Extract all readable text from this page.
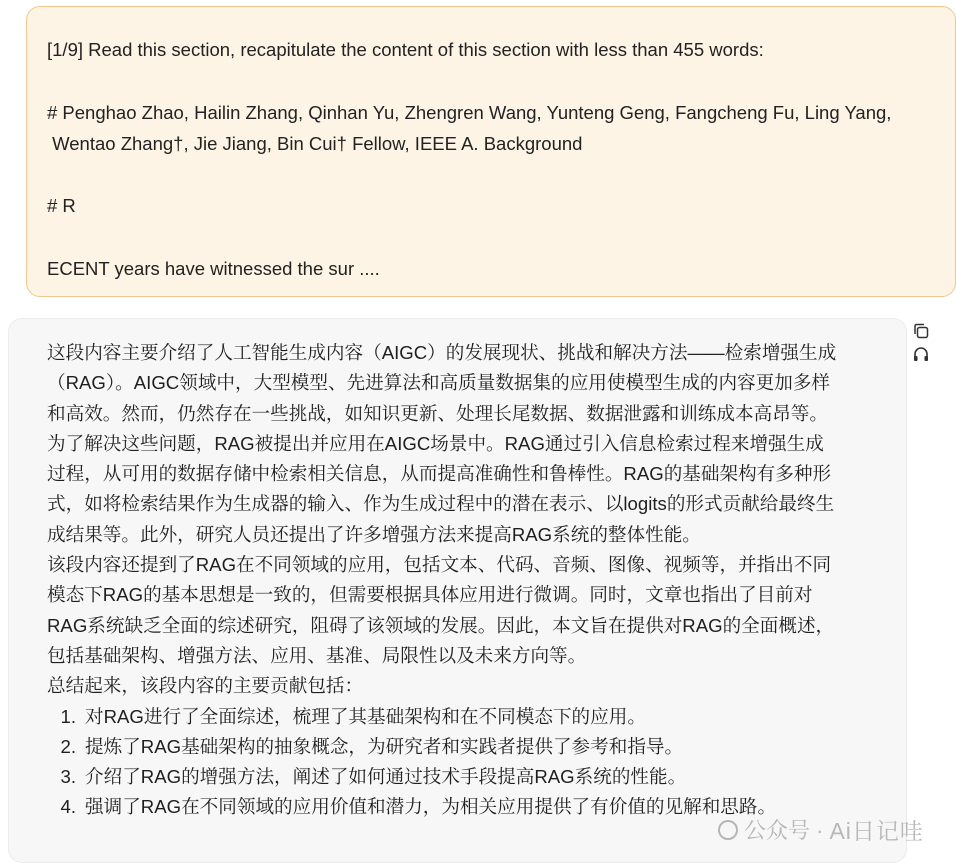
[1/9] Read this section, recapitulate the content of this section with less than 455 words:
# Penghao Zhao, Hailin Zhang, Qinhan Yu, Zhengren Wang, Yunteng Geng, Fangcheng Fu, Ling Yang,
Wentao Zhang†, Jie Jiang, Bin Cui† Fellow, IEEE A. Background
# R
ECENT years have witnessed the sur ....
这段内容主要介绍了人工智能生成内容（AIGC）的发展现状、挑战和解决方法——检索增强生成
（RAG）。AIGC领域中，大型模型、先进算法和高质量数据集的应用使模型生成的内容更加多样
和高效。然而，仍然存在一些挑战，如知识更新、处理长尾数据、数据泄露和训练成本高昂等。
为了解决这些问题，RAG被提出并应用在AIGC场景中。RAG通过引入信息检索过程来增强生成
过程，从可用的数据存储中检索相关信息，从而提高准确性和鲁棒性。RAG的基础架构有多种形
式，如将检索结果作为生成器的输入、作为生成过程中的潜在表示、以logits的形式贡献给最终生
成结果等。此外，研究人员还提出了许多增强方法来提高RAG系统的整体性能。
该段内容还提到了RAG在不同领域的应用，包括文本、代码、音频、图像、视频等，并指出不同
模态下RAG的基本思想是一致的，但需要根据具体应用进行微调。同时，文章也指出了目前对
RAG系统缺乏全面的综述研究，阻碍了该领域的发展。因此，本文旨在提供对RAG的全面概述，
包括基础架构、增强方法、应用、基准、局限性以及未来方向等。
总结起来，该段内容的主要贡献包括：
1. 对RAG进行了全面综述，梳理了其基础架构和在不同模态下的应用。
2. 提炼了RAG基础架构的抽象概念，为研究者和实践者提供了参考和指导。
3. 介绍了RAG的增强方法，阐述了如何通过技术手段提高RAG系统的性能。
4. 强调了RAG在不同领域的应用价值和潜力，为相关应用提供了有价值的见解和思路。
公众号 · Ai日记哇
